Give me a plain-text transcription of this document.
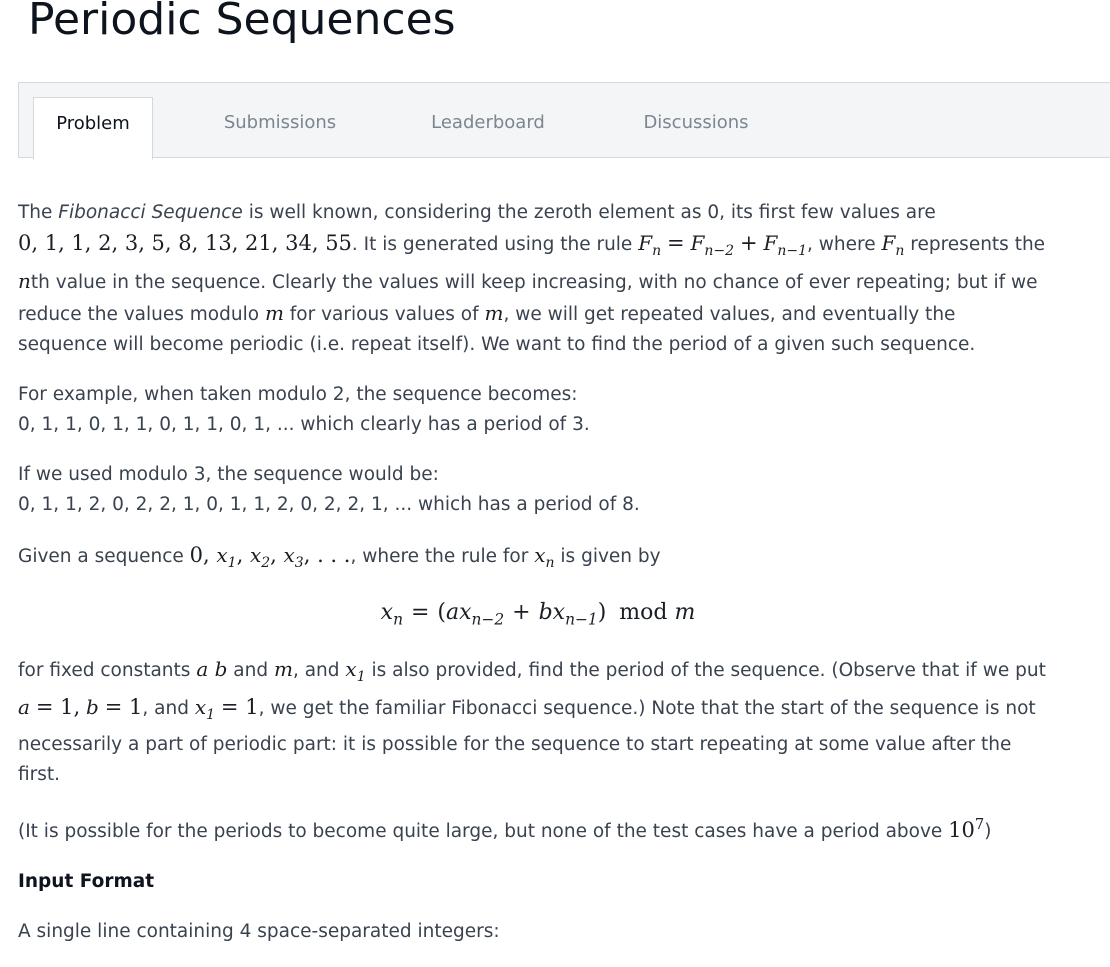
Periodic Sequences
Problem	Submissions	Leaderboard	Discussions

The Fibonacci Sequence is well known, considering the zeroth element as 0, its first few values are
0, 1, 1, 2, 3, 5, 8, 13, 21, 34, 55. It is generated using the rule $F_n = F_{n-2} + F_{n-1}$, where $F_n$ represents the
nth value in the sequence. Clearly the values will keep increasing, with no chance of ever repeating; but if we reduce the values modulo m for various values of m, we will get repeated values, and eventually the sequence will become periodic (i.e. repeat itself). We want to find the period of a given such sequence.

For example, when taken modulo 2, the sequence becomes:
0, 1, 1, 0, 1, 1, 0, 1, 1, 0, 1, ... which clearly has a period of 3.

If we used modulo 3, the sequence would be:
0, 1, 1, 2, 0, 2, 2, 1, 0, 1, 1, 2, 0, 2, 2, 1, ... which has a period of 8.

Given a sequence 0, $x_1$, $x_2$, $x_3$, . . ., where the rule for $x_n$ is given by

$x_n = (ax_{n-2} + bx_{n-1})$ mod m

for fixed constants a b and m, and $x_1$ is also provided, find the period of the sequence. (Observe that if we put a = 1, b = 1, and $x_1 = 1$, we get the familiar Fibonacci sequence.) Note that the start of the sequence is not necessarily a part of periodic part: it is possible for the sequence to start repeating at some value after the first.

(It is possible for the periods to become quite large, but none of the test cases have a period above $10^7$)

Input Format

A single line containing 4 space-separated integers:
